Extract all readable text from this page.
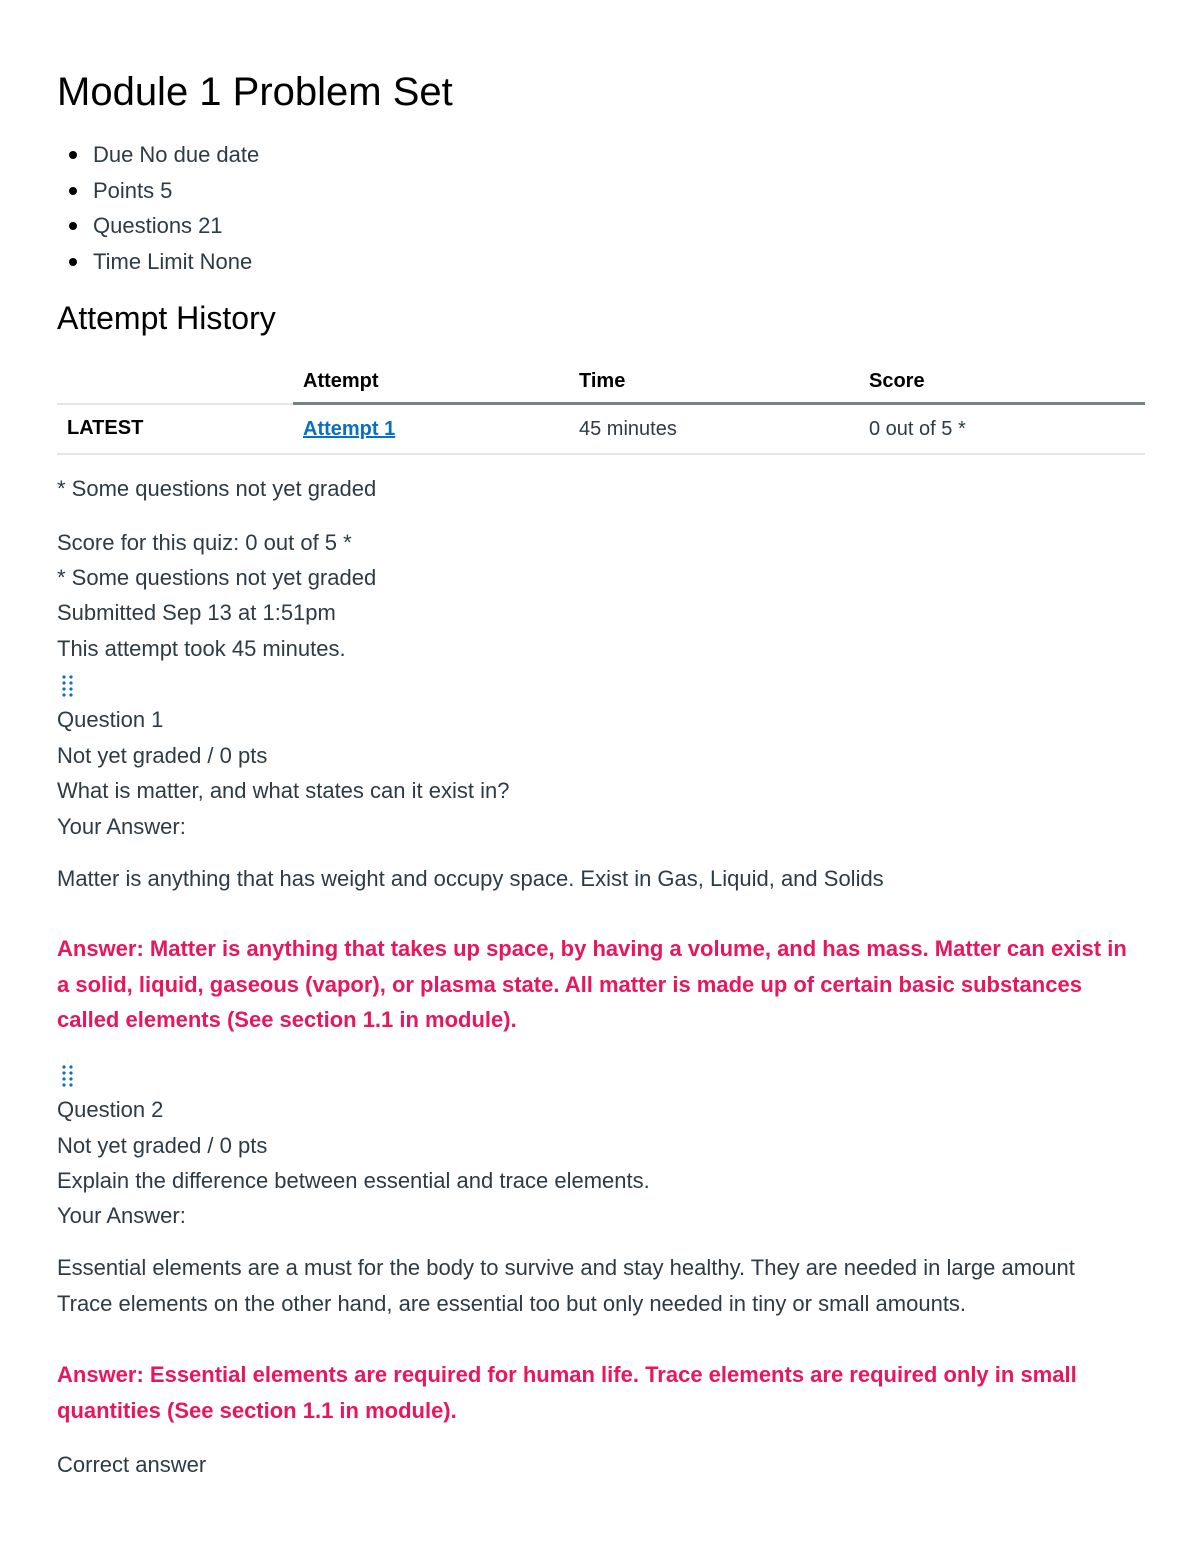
Module 1 Problem Set
Due No due date
Points 5
Questions 21
Time Limit None
Attempt History
	Attempt	Time	Score
LATEST	Attempt 1	45 minutes	0 out of 5 *
* Some questions not yet graded
Score for this quiz: 0 out of 5 *
* Some questions not yet graded
Submitted Sep 13 at 1:51pm
This attempt took 45 minutes.
Question 1
Not yet graded / 0 pts
What is matter, and what states can it exist in?
Your Answer:
Matter is anything that has weight and occupy space. Exist in Gas, Liquid, and Solids
Answer: Matter is anything that takes up space, by having a volume, and has mass. Matter can exist in a solid, liquid, gaseous (vapor), or plasma state. All matter is made up of certain basic substances called elements (See section 1.1 in module).
Question 2
Not yet graded / 0 pts
Explain the difference between essential and trace elements.
Your Answer:
Essential elements are a must for the body to survive and stay healthy. They are needed in large amount
Trace elements on the other hand, are essential too but only needed in tiny or small amounts.
Answer: Essential elements are required for human life. Trace elements are required only in small quantities (See section 1.1 in module).
Correct answer
